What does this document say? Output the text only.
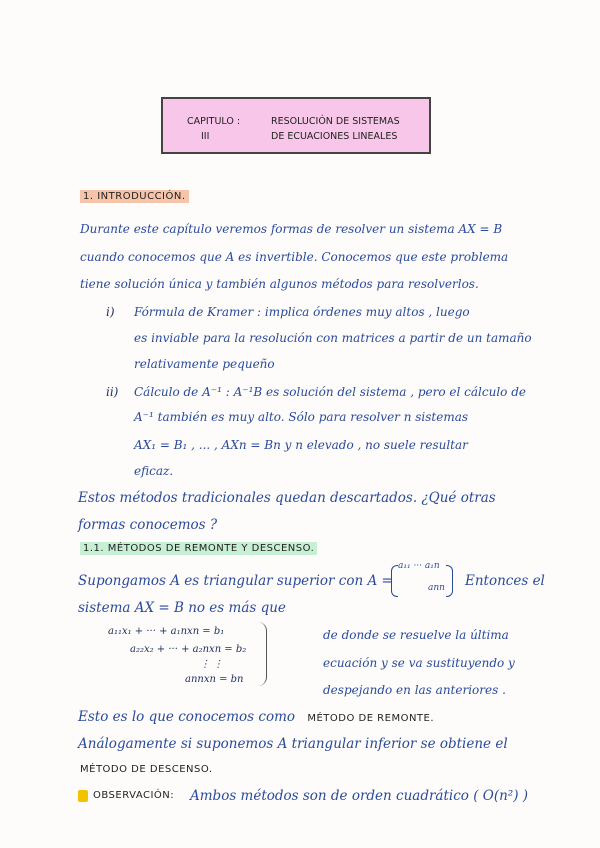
CAPITULO :
III
RESOLUCIÓN DE SISTEMAS
DE ECUACIONES LINEALES
1. INTRODUCCIÓN.
Durante este capítulo veremos formas de resolver un sistema AX = B
cuando conocemos que A es invertible. Conocemos que este problema
tiene solución única y también algunos métodos para resolverlos.
i) Fórmula de Kramer : implica órdenes muy altos , luego
es inviable para la resolución con matrices a partir de un tamaño
relativamente pequeño
ii) Cálculo de A⁻¹ : A⁻¹B es solución del sistema , pero el cálculo de
A⁻¹ también es muy alto. Sólo para resolver n sistemas
AX₁ = B₁ , ... , AXn = Bn y n elevado , no suele resultar
eficaz.
Estos métodos tradicionales quedan descartados. ¿Qué otras
formas conocemos ?
1.1. MÉTODOS DE REMONTE Y DESCENSO.
Supongamos A es triangular superior con A =
a₁₁ ··· a₁n
ann Entonces el
sistema AX = B no es más que
a₁₁x₁ + ··· + a₁nxn = b₁
a₂₂x₂ + ··· + a₂nxn = b₂
⋮ ⋮
annxn = bn
de donde se resuelve la última
ecuación y se va sustituyendo y
despejando en las anteriores .
Esto es lo que conocemos como MÉTODO DE REMONTE.
Análogamente si suponemos A triangular inferior se obtiene el
MÉTODO DE DESCENSO.
OBSERVACIÓN: Ambos métodos son de orden cuadrático ( O(n²) )
